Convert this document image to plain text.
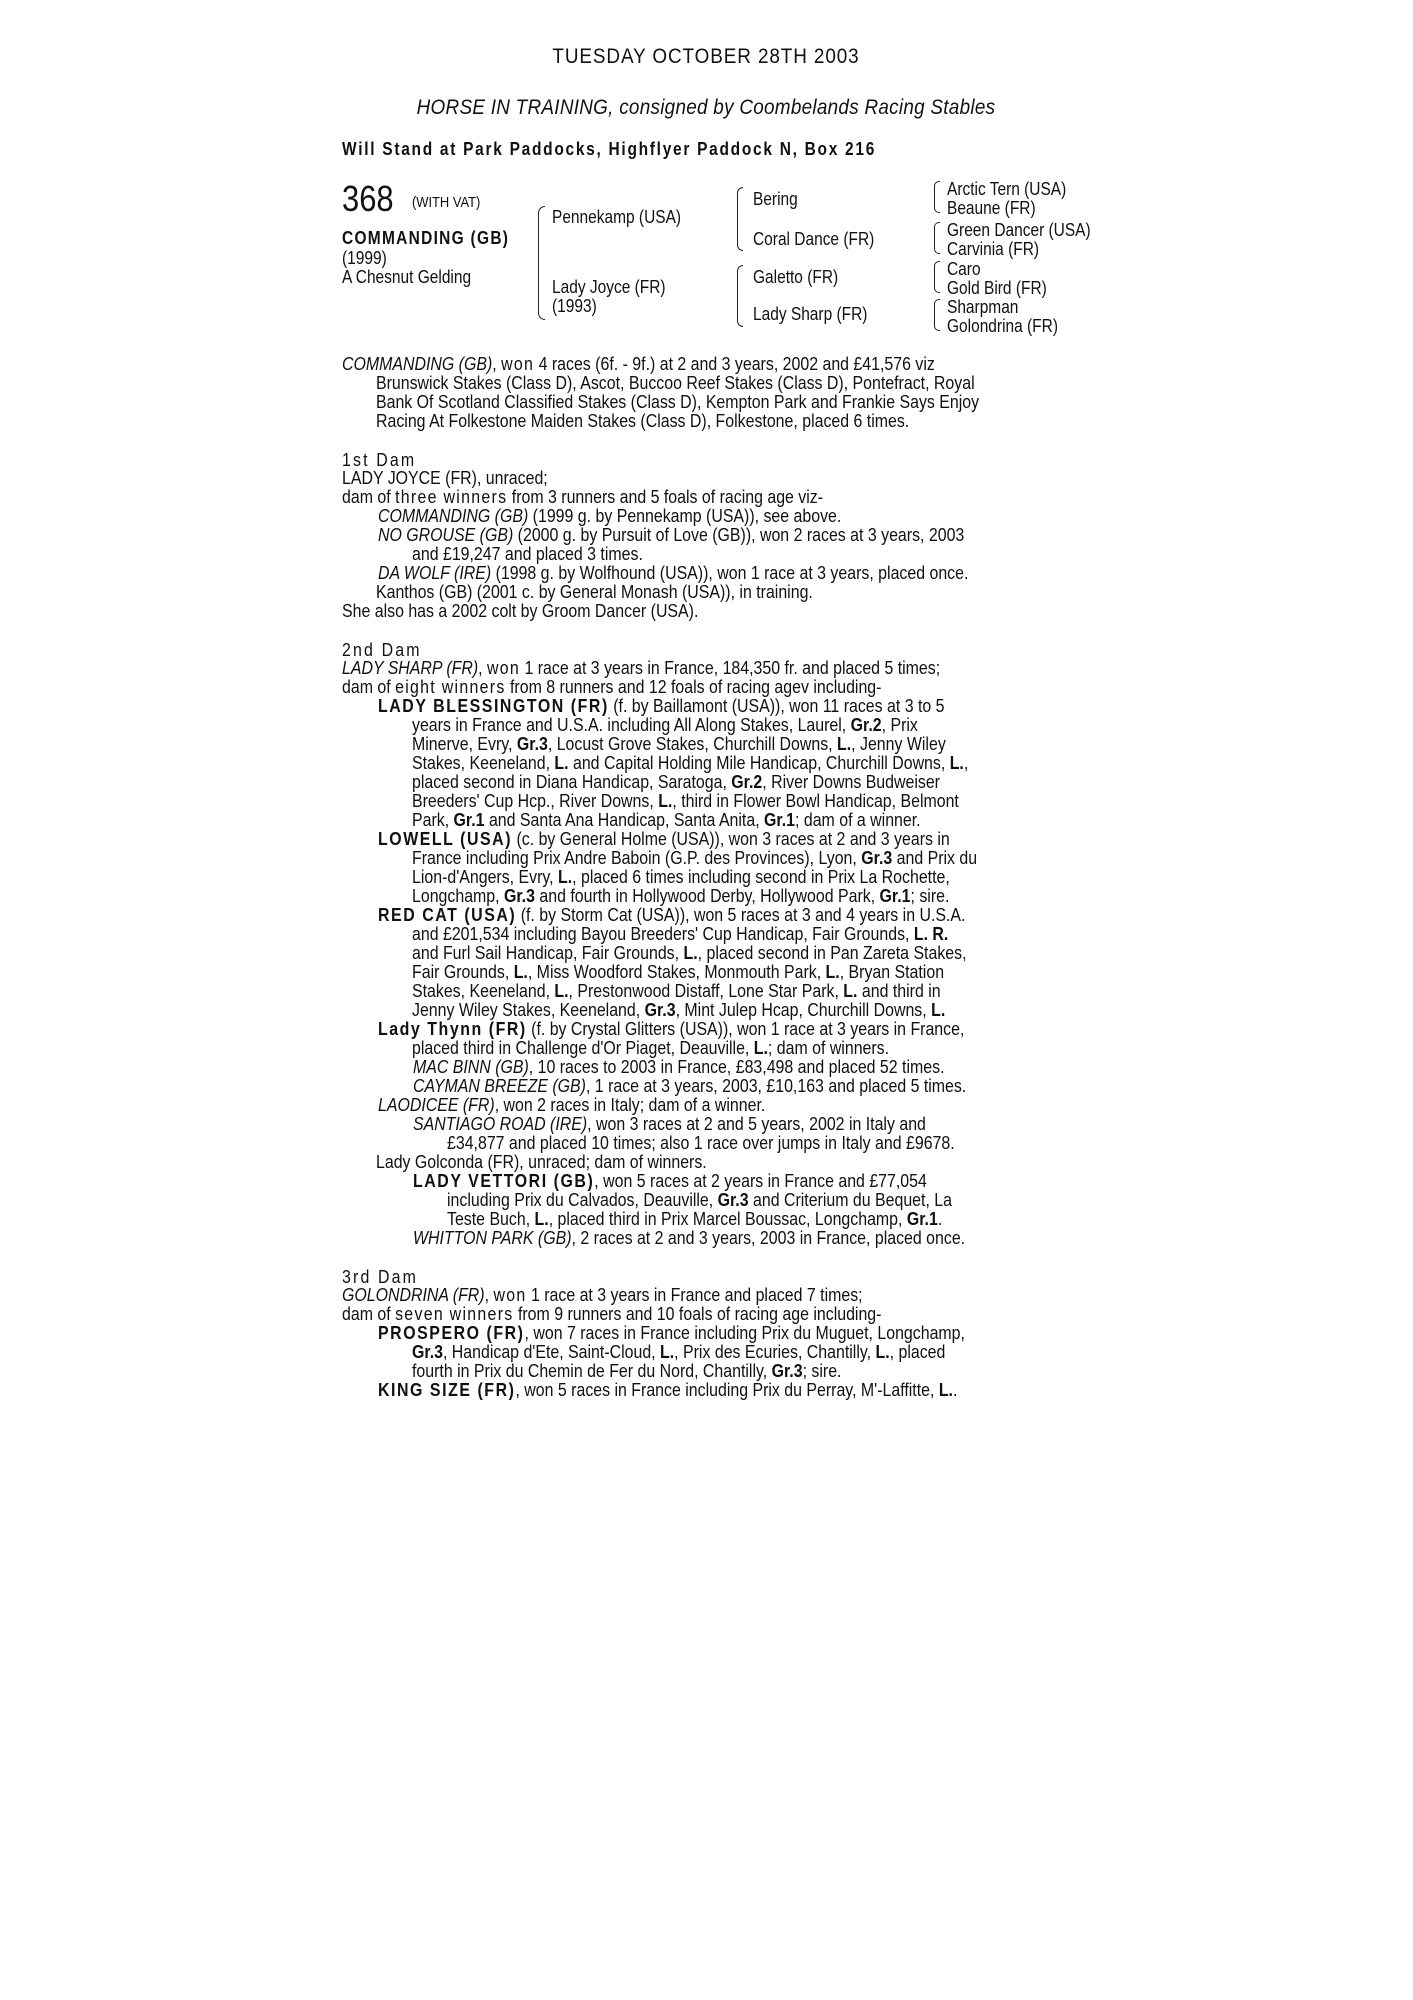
TUESDAY OCTOBER 28TH 2003
HORSE IN TRAINING, consigned by Coombelands Racing Stables
Will Stand at Park Paddocks, Highflyer Paddock N, Box 216
368 (WITH VAT)
COMMANDING (GB)
(1999)
A Chesnut Gelding
Pennekamp (USA)
Lady Joyce (FR)
(1993)
Bering
Coral Dance (FR)
Galetto (FR)
Lady Sharp (FR)
Arctic Tern (USA)
Beaune (FR)
Green Dancer (USA)
Carvinia (FR)
Caro
Gold Bird (FR)
Sharpman
Golondrina (FR)
COMMANDING (GB), won 4 races (6f. - 9f.) at 2 and 3 years, 2002 and £41,576 viz
Brunswick Stakes (Class D), Ascot, Buccoo Reef Stakes (Class D), Pontefract, Royal
Bank Of Scotland Classified Stakes (Class D), Kempton Park and Frankie Says Enjoy
Racing At Folkestone Maiden Stakes (Class D), Folkestone, placed 6 times.
1st Dam
LADY JOYCE (FR), unraced;
dam of three winners from 3 runners and 5 foals of racing age viz-
COMMANDING (GB) (1999 g. by Pennekamp (USA)), see above.
NO GROUSE (GB) (2000 g. by Pursuit of Love (GB)), won 2 races at 3 years, 2003
and £19,247 and placed 3 times.
DA WOLF (IRE) (1998 g. by Wolfhound (USA)), won 1 race at 3 years, placed once.
Kanthos (GB) (2001 c. by General Monash (USA)), in training.
She also has a 2002 colt by Groom Dancer (USA).
2nd Dam
LADY SHARP (FR), won 1 race at 3 years in France, 184,350 fr. and placed 5 times;
dam of eight winners from 8 runners and 12 foals of racing agev including-
LADY BLESSINGTON (FR) (f. by Baillamont (USA)), won 11 races at 3 to 5
years in France and U.S.A. including All Along Stakes, Laurel, Gr.2, Prix
Minerve, Evry, Gr.3, Locust Grove Stakes, Churchill Downs, L., Jenny Wiley
Stakes, Keeneland, L. and Capital Holding Mile Handicap, Churchill Downs, L.,
placed second in Diana Handicap, Saratoga, Gr.2, River Downs Budweiser
Breeders' Cup Hcp., River Downs, L., third in Flower Bowl Handicap, Belmont
Park, Gr.1 and Santa Ana Handicap, Santa Anita, Gr.1; dam of a winner.
LOWELL (USA) (c. by General Holme (USA)), won 3 races at 2 and 3 years in
France including Prix Andre Baboin (G.P. des Provinces), Lyon, Gr.3 and Prix du
Lion-d'Angers, Evry, L., placed 6 times including second in Prix La Rochette,
Longchamp, Gr.3 and fourth in Hollywood Derby, Hollywood Park, Gr.1; sire.
RED CAT (USA) (f. by Storm Cat (USA)), won 5 races at 3 and 4 years in U.S.A.
and £201,534 including Bayou Breeders' Cup Handicap, Fair Grounds, L. R.
and Furl Sail Handicap, Fair Grounds, L., placed second in Pan Zareta Stakes,
Fair Grounds, L., Miss Woodford Stakes, Monmouth Park, L., Bryan Station
Stakes, Keeneland, L., Prestonwood Distaff, Lone Star Park, L. and third in
Jenny Wiley Stakes, Keeneland, Gr.3, Mint Julep Hcap, Churchill Downs, L.
Lady Thynn (FR) (f. by Crystal Glitters (USA)), won 1 race at 3 years in France,
placed third in Challenge d'Or Piaget, Deauville, L.; dam of winners.
MAC BINN (GB), 10 races to 2003 in France, £83,498 and placed 52 times.
CAYMAN BREEZE (GB), 1 race at 3 years, 2003, £10,163 and placed 5 times.
LAODICEE (FR), won 2 races in Italy; dam of a winner.
SANTIAGO ROAD (IRE), won 3 races at 2 and 5 years, 2002 in Italy and
£34,877 and placed 10 times; also 1 race over jumps in Italy and £9678.
Lady Golconda (FR), unraced; dam of winners.
LADY VETTORI (GB), won 5 races at 2 years in France and £77,054
including Prix du Calvados, Deauville, Gr.3 and Criterium du Bequet, La
Teste Buch, L., placed third in Prix Marcel Boussac, Longchamp, Gr.1.
WHITTON PARK (GB), 2 races at 2 and 3 years, 2003 in France, placed once.
3rd Dam
GOLONDRINA (FR), won 1 race at 3 years in France and placed 7 times;
dam of seven winners from 9 runners and 10 foals of racing age including-
PROSPERO (FR), won 7 races in France including Prix du Muguet, Longchamp,
Gr.3, Handicap d'Ete, Saint-Cloud, L., Prix des Ecuries, Chantilly, L., placed
fourth in Prix du Chemin de Fer du Nord, Chantilly, Gr.3; sire.
KING SIZE (FR), won 5 races in France including Prix du Perray, M'-Laffitte, L..
